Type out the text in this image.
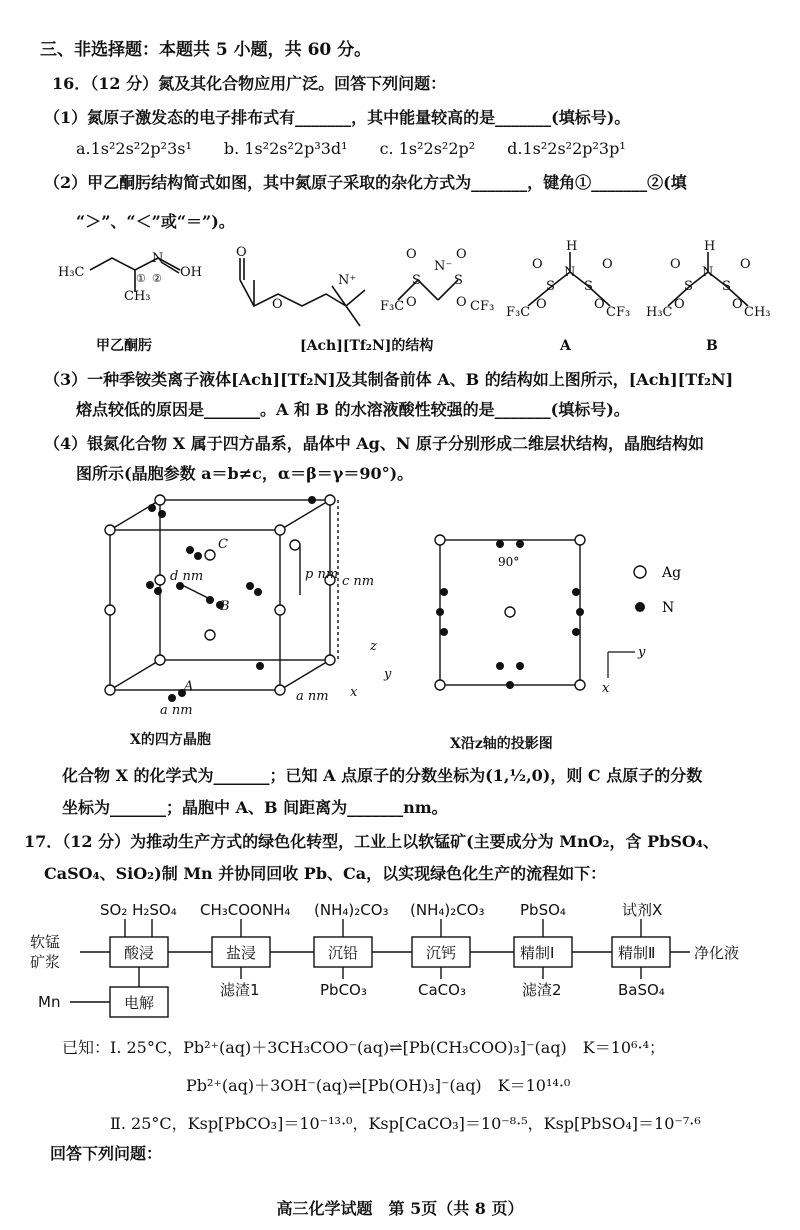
三、非选择题：本题共 5 小题，共 60 分。
16．（12 分）氮及其化合物应用广泛。回答下列问题：
（1）氮原子激发态的电子排布式有_______，其中能量较高的是_______(填标号)。
a.1s²2s²2p²3s¹　　b. 1s²2s²2p³3d¹　　c. 1s²2s²2p²　　d.1s²2s²2p²3p¹
（2）甲乙酮肟结构简式如图，其中氮原子采取的杂化方式为_______，键角①_______②(填
“＞”、“＜”或“＝”)。
H₃C
N
OH
CH₃
① ②
O
O
N⁺	S
N⁻
S
F₃C	CF₃
O	O
O	O
S
N
H
S
F₃C	CF₃
O	O
O	O
S
N
H
S
H₃C	CH₃
O	O
O	O
甲乙酮肟	[Ach][Tf₂N]的结构	A	B
（3）一种季铵类离子液体[Ach][Tf₂N]及其制备前体 A、B 的结构如上图所示，[Ach][Tf₂N]
熔点较低的原因是_______。A 和 B 的水溶液酸性较强的是_______(填标号)。
（4）银氮化合物 X 属于四方晶系，晶体中 Ag、N 原子分别形成二维层状结构，晶胞结构如
图所示(晶胞参数 a＝b≠c，α＝β＝γ＝90°)。
C
d nm
B
A
a nm
a nm
p nm c nm
z
y
x
X的四方晶胞
90°
Ag
N
y
x
X沿z轴的投影图
化合物 X 的化学式为_______；已知 A 点原子的分数坐标为(1,½,0)，则 C 点原子的分数
坐标为_______；晶胞中 A、B 间距离为_______nm。
17．（12 分）为推动生产方式的绿色化转型，工业上以软锰矿(主要成分为 MnO₂，含 PbSO₄、
CaSO₄、SiO₂)制 Mn 并协同回收 Pb、Ca，以实现绿色化生产的流程如下：
软锰
矿浆	酸浸	盐浸	沉铅	沉钙	精制Ⅰ	精制Ⅱ
电解
SO₂ H₂SO₄ CH₃COONH₄ (NH₄)₂CO₃ (NH₄)₂CO₃ PbSO₄	试剂X
滤渣1	PbCO₃	CaCO₃	滤渣2	BaSO₄
净化液
Mn
已知：Ⅰ. 25°C，Pb²⁺(aq)＋3CH₃COO⁻(aq)⇌[Pb(CH₃COO)₃]⁻(aq)　K＝10⁶·⁴；
Pb²⁺(aq)＋3OH⁻(aq)⇌[Pb(OH)₃]⁻(aq)　K＝10¹⁴·⁰
Ⅱ. 25°C，Ksp[PbCO₃]＝10⁻¹³·⁰，Ksp[CaCO₃]＝10⁻⁸·⁵，Ksp[PbSO₄]＝10⁻⁷·⁶
回答下列问题：
高三化学试题　第 5页（共 8 页）
